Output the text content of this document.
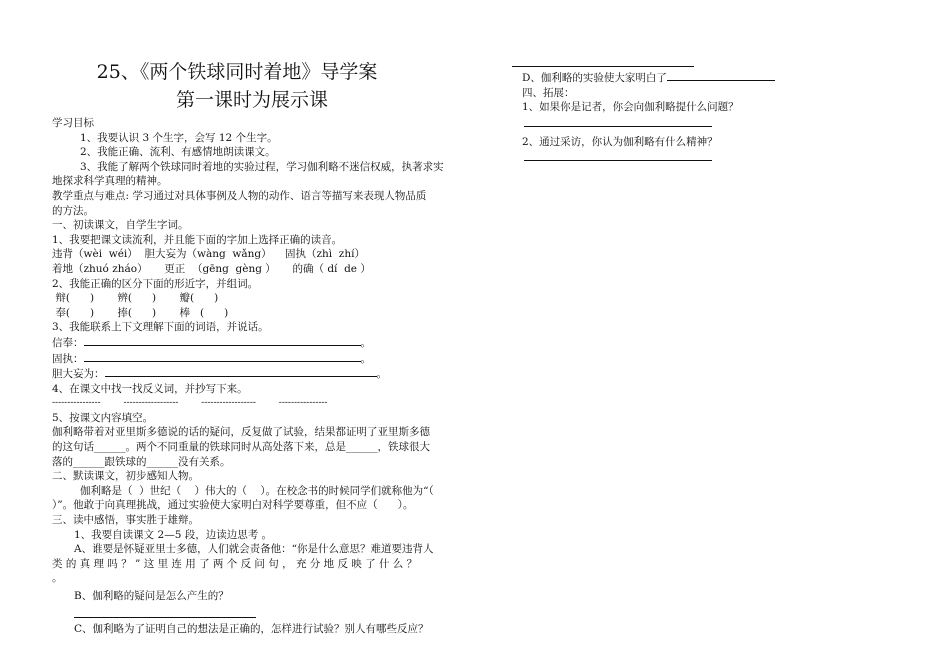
25、《两个铁球同时着地》导学案
第一课时为展示课
学习目标
1、我要认识 3 个生字，会写 12 个生字。
2、我能正确、流利、有感情地朗读课文。
3、我能了解两个铁球同时着地的实验过程，学习伽利略不迷信权威，执著求实
地探求科学真理的精神。
教学重点与难点: 学习通过对具体事例及人物的动作、语言等描写来表现人物品质
的方法。
一、初读课文，自学生字词。
1、我要把课文读流利，并且能下面的字加上选择正确的读音。
违背（wèi  wéi）  胆大妄为（wàng  wǎng）    固执（zhì  zhí）
着地（zhuó zháo）     更正  （gēng  gèng ）     的确（ dí  de ）
2、我能正确的区分下面的形近字，并组词。
辩(      )       辨(      )       瓣(      )
奉(      )       捧(      )       棒   (      )
3、我能联系上下文理解下面的词语，并说话。
信奉：	。
固执：	。
胆大妄为：	。
4、在课文中找一找反义词，并抄写下来。
----------------        ------------------        ------------------        ----------------
5、按课文内容填空。
伽利略带着对亚里斯多德说的话的疑问，反复做了试验，结果都证明了亚里斯多德
的这句话______。两个不同重量的铁球同时从高处落下来，总是______，铁球很大
落的______跟铁球的______没有关系。
二、默读课文，初步感知人物。
伽利略是（  ）世纪（    ）伟大的（    ）。在校念书的时候同学们就称他为“（
）”。他敢于向真理挑战，通过实验使大家明白对科学要尊重，但不应（      ）。
三、读中感悟，事实胜于雄辩。
1、我要自读课文 2—5 段，边读边思考 。
A、谁要是怀疑亚里士多德，人们就会责备他：“你是什么意思？难道要违背人
类 的 真 理 吗 ？ ” 这 里 连 用 了 两 个 反 问 句 ， 充 分 地 反 映 了 什 么 ？
。
B、伽利略的疑问是怎么产生的？
C、伽利略为了证明自己的想法是正确的，怎样进行试验？别人有哪些反应？
D、伽利略的实验使大家明白了
四、拓展：
1、如果你是记者，你会向伽利略提什么问题？
2、通过采访，你认为伽利略有什么精神？
